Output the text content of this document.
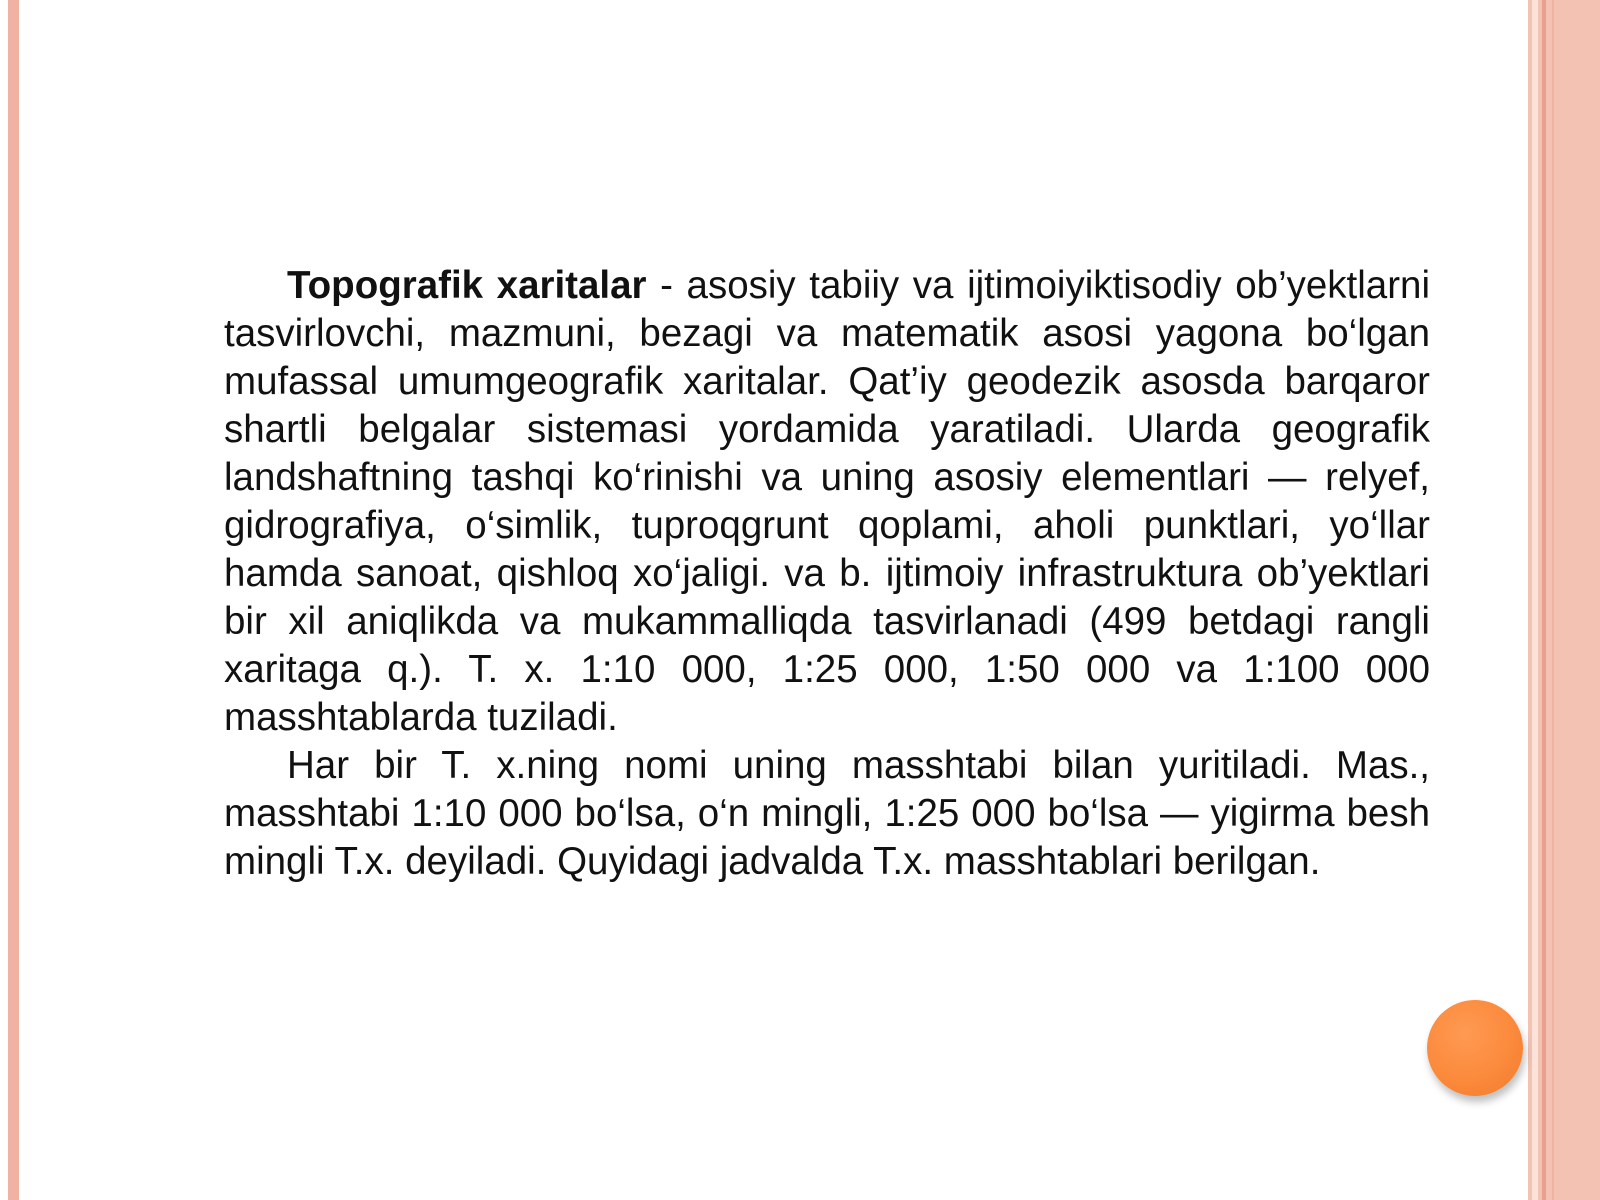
Topografik xaritalar - asosiy tabiiy va ijtimoiyiktisodiy ob’yektlarni tasvirlovchi, mazmuni, bezagi va matematik asosi yagona bo‘lgan mufassal umumgeografik xaritalar. Qat’iy geodezik asosda barqaror shartli belgalar sistemasi yordamida yaratiladi. Ularda geografik landshaftning tashqi ko‘rinishi va uning asosiy elementlari — relyef, gidrografiya, o‘simlik, tuproqgrunt qoplami, aholi punktlari, yo‘llar hamda sanoat, qishloq xo‘jaligi. va b. ijtimoiy infrastruktura ob’yektlari bir xil aniqlikda va mukammalliqda tasvirlanadi (499 betdagi rangli xaritaga q.). T. x. 1:10 000, 1:25 000, 1:50 000 va 1:100 000 masshtablarda tuziladi.

Har bir T. x.ning nomi uning masshtabi bilan yuritiladi. Mas., masshtabi 1:10 000 bo‘lsa, o‘n mingli, 1:25 000 bo‘lsa — yigirma besh mingli T.x. deyiladi. Quyidagi jadvalda T.x. masshtablari berilgan.
